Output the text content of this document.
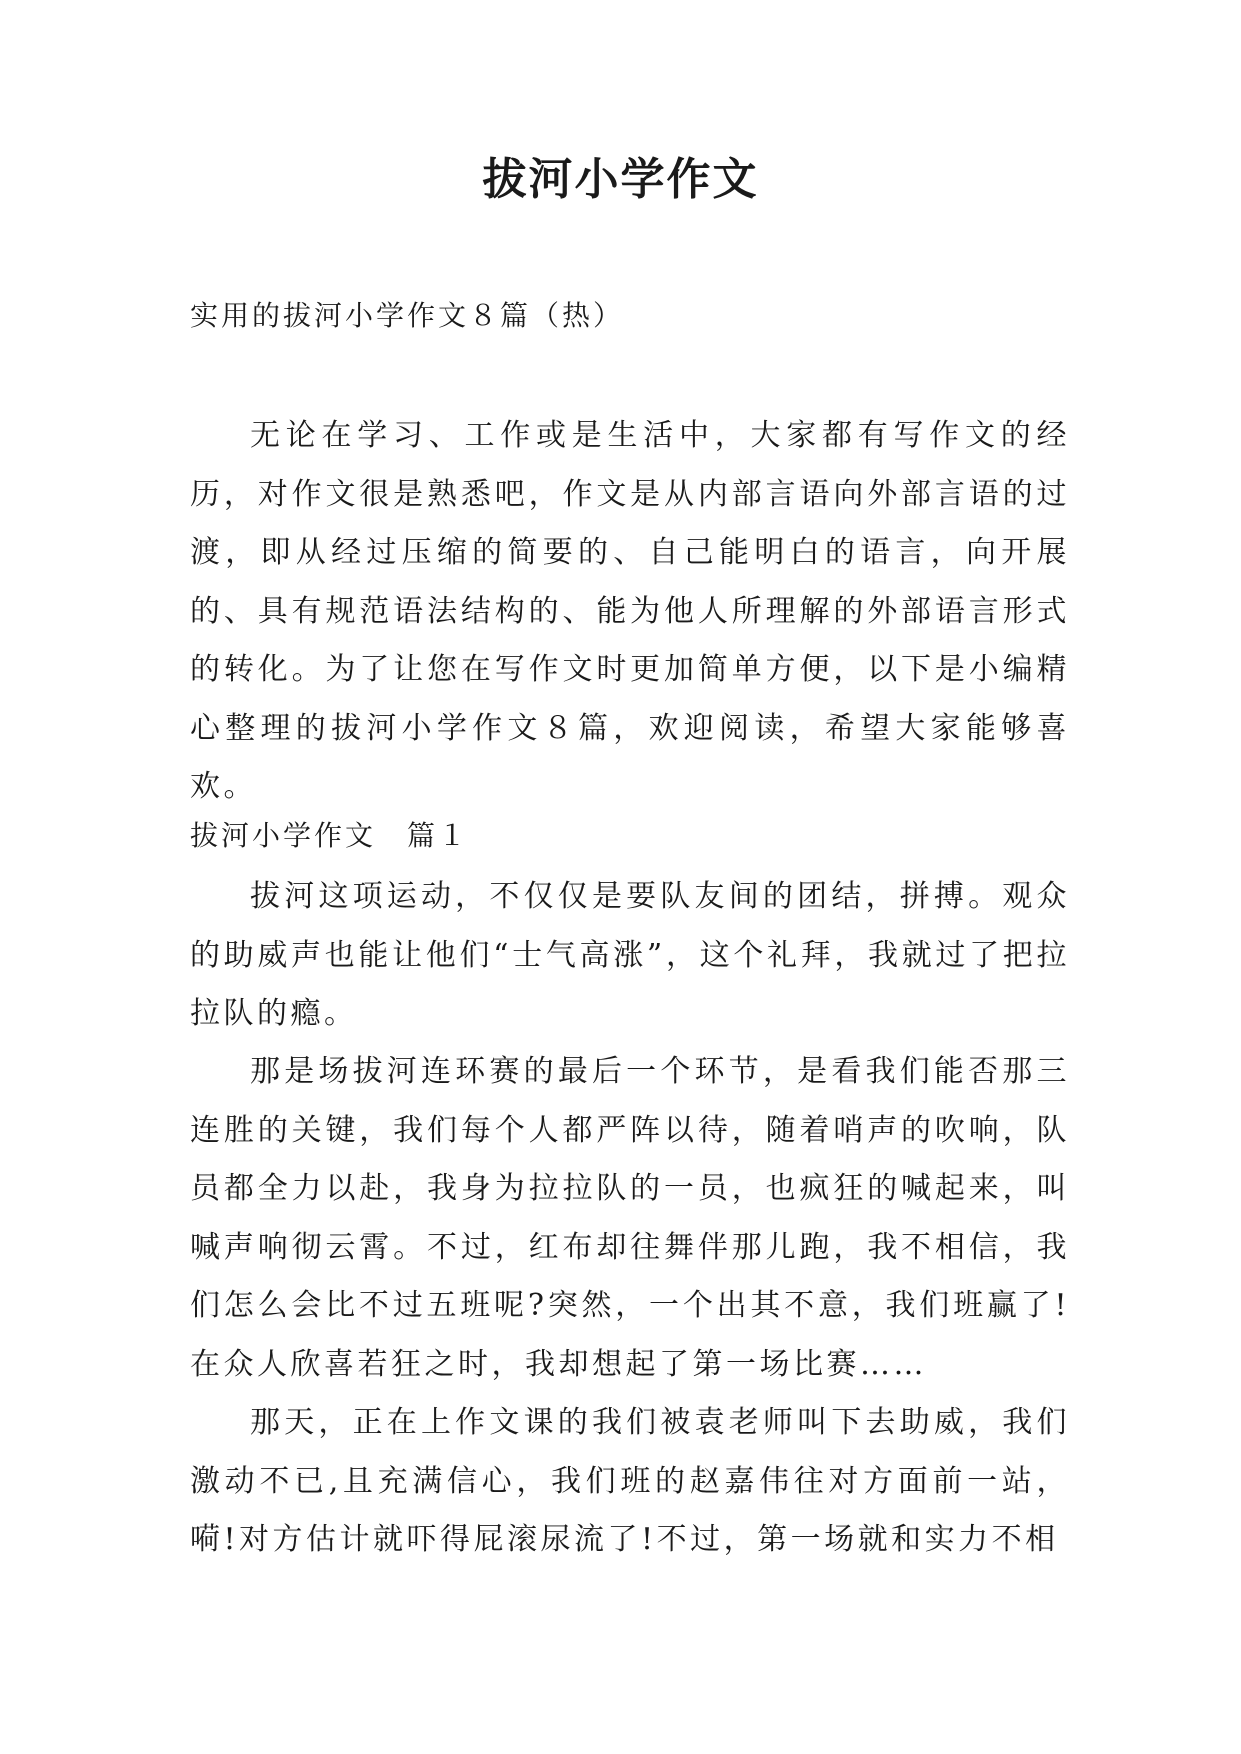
拔河小学作文

实用的拔河小学作文８篇（热）

无论在学习、工作或是生活中，大家都有写作文的经历，对作文很是熟悉吧，作文是从内部言语向外部言语的过渡，即从经过压缩的简要的、自己能明白的语言，向开展的、具有规范语法结构的、能为他人所理解的外部语言形式的转化。为了让您在写作文时更加简单方便，以下是小编精心整理的拔河小学作文８篇，欢迎阅读，希望大家能够喜欢。

拔河小学作文　篇１

拔河这项运动，不仅仅是要队友间的团结，拼搏。观众的助威声也能让他们“士气高涨”，这个礼拜，我就过了把拉拉队的瘾。

那是场拔河连环赛的最后一个环节，是看我们能否那三连胜的关键，我们每个人都严阵以待，随着哨声的吹响，队员都全力以赴，我身为拉拉队的一员，也疯狂的喊起来，叫喊声响彻云霄。不过，红布却往舞伴那儿跑，我不相信，我们怎么会比不过五班呢?突然，一个出其不意，我们班赢了!在众人欣喜若狂之时，我却想起了第一场比赛……

那天，正在上作文课的我们被袁老师叫下去助威，我们激动不已,且充满信心，我们班的赵嘉伟往对方面前一站，嗬!对方估计就吓得屁滚尿流了!不过，第一场就和实力不相
